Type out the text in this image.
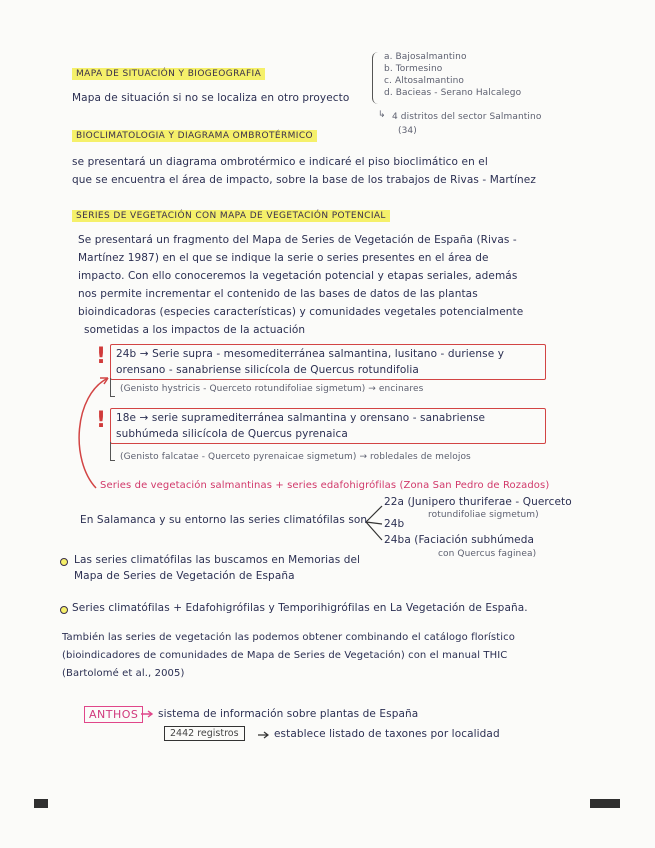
MAPA DE SITUACIÓN Y BIOGEOGRAFIA
Mapa de situación si no se localiza en otro proyecto
a. Bajosalmantino
b. Tormesino
c. Altosalmantino
d. Bacieas - Serano Halcalego
↳ 4 distritos del sector Salmantino
(34)
BIOCLIMATOLOGIA Y DIAGRAMA OMBROTÉRMICO
se presentará un diagrama ombrotérmico e indicaré el piso bioclimático en el
que se encuentra el área de impacto, sobre la base de los trabajos de Rivas - Martínez
SERIES DE VEGETACIÓN CON MAPA DE VEGETACIÓN POTENCIAL
Se presentará un fragmento del Mapa de Series de Vegetación de España (Rivas -
Martínez 1987) en el que se indique la serie o series presentes en el área de
impacto. Con ello conoceremos la vegetación potencial y etapas seriales, además
nos permite incrementar el contenido de las bases de datos de las plantas
bioindicadoras (especies características) y comunidades vegetales potencialmente
sometidas a los impactos de la actuación
! 24b → Serie supra - mesomediterránea salmantina, lusitano - duriense y
orensano - sanabriense silicícola de Quercus rotundifolia
(Genisto hystricis - Querceto rotundifoliae sigmetum) → encinares
! 18e → serie supramediterránea salmantina y orensano - sanabriense
subhúmeda silicícola de Quercus pyrenaica
(Genisto falcatae - Querceto pyrenaicae sigmetum) → robledales de melojos
Series de vegetación salmantinas + series edafohigrófilas (Zona San Pedro de Rozados)
En Salamanca y su entorno las series climatófilas son
22a (Junipero thuriferae - Querceto
rotundifoliae sigmetum)
24b
24ba (Faciación subhúmeda
con Quercus faginea)
Las series climatófilas las buscamos en Memorias del
Mapa de Series de Vegetación de España
Series climatófilas + Edafohigrófilas y Temporihigrófilas en La Vegetación de España.
También las series de vegetación las podemos obtener combinando el catálogo florístico
(bioindicadores de comunidades de Mapa de Series de Vegetación) con el manual THIC
(Bartolomé et al., 2005)
ANTHOS	sistema de información sobre plantas de España
2442 registros	establece listado de taxones por localidad
